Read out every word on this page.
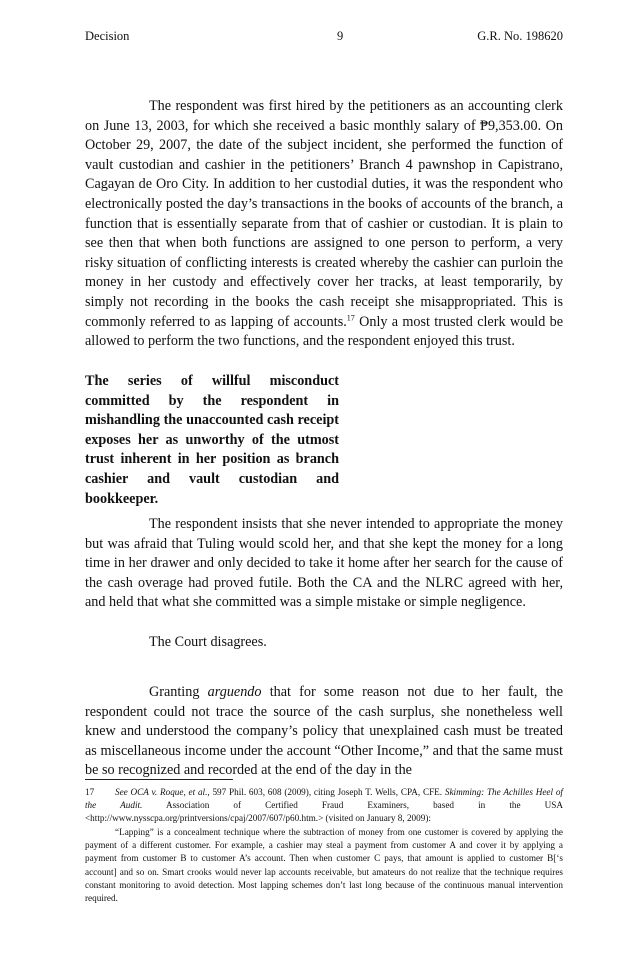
Decision	9	G.R. No. 198620

The respondent was first hired by the petitioners as an accounting clerk on June 13, 2003, for which she received a basic monthly salary of ₱9,353.00. On October 29, 2007, the date of the subject incident, she performed the function of vault custodian and cashier in the petitioners’ Branch 4 pawnshop in Capistrano, Cagayan de Oro City. In addition to her custodial duties, it was the respondent who electronically posted the day’s transactions in the books of accounts of the branch, a function that is essentially separate from that of cashier or custodian. It is plain to see then that when both functions are assigned to one person to perform, a very risky situation of conflicting interests is created whereby the cashier can purloin the money in her custody and effectively cover her tracks, at least temporarily, by simply not recording in the books the cash receipt she misappropriated. This is commonly referred to as lapping of accounts.$^{17}$ Only a most trusted clerk would be allowed to perform the two functions, and the respondent enjoyed this trust.

The series of willful misconduct committed by the respondent in mishandling the unaccounted cash receipt exposes her as unworthy of the utmost trust inherent in her position as branch cashier and vault custodian and bookkeeper.

The respondent insists that she never intended to appropriate the money but was afraid that Tuling would scold her, and that she kept the money for a long time in her drawer and only decided to take it home after her search for the cause of the cash overage had proved futile. Both the CA and the NLRC agreed with her, and held that what she committed was a simple mistake or simple negligence.

The Court disagrees.

Granting arguendo that for some reason not due to her fault, the respondent could not trace the source of the cash surplus, she nonetheless well knew and understood the company’s policy that unexplained cash must be treated as miscellaneous income under the account “Other Income,” and that the same must be so recognized and recorded at the end of the day in the

17 See OCA v. Roque, et al., 597 Phil. 603, 608 (2009), citing Joseph T. Wells, CPA, CFE. Skimming: The Achilles Heel of the Audit. Association of Certified Fraud Examiners, based in the USA <http://www.nysscpa.org/printversions/cpaj/2007/607/p60.htm.> (visited on January 8, 2009):

“Lapping” is a concealment technique where the subtraction of money from one customer is covered by applying the payment of a different customer. For example, a cashier may steal a payment from customer A and cover it by applying a payment from customer B to customer A’s account. Then when customer C pays, that amount is applied to customer B[‘s account] and so on. Smart crooks would never lap accounts receivable, but amateurs do not realize that the technique requires constant monitoring to avoid detection. Most lapping schemes don’t last long because of the continuous manual intervention required.
